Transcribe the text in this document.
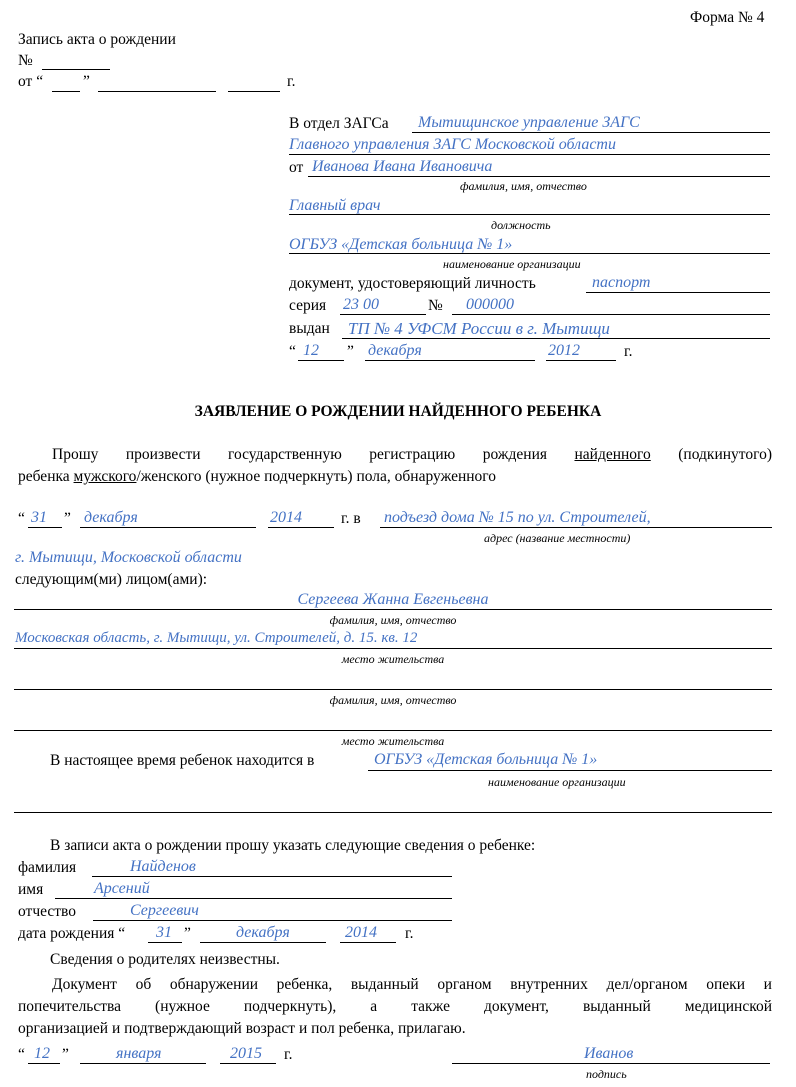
Форма № 4
Запись акта о рождении
№
от “	”	г.
В отдел ЗАГСа Мытищинское управление ЗАГС
Главного управления ЗАГС Московской области
от Иванова Ивана Ивановича
фамилия, имя, отчество
Главный врач
должность
ОГБУЗ «Детская больница № 1»
наименование организации
документ, удостоверяющий личность	паспорт
серия 23 00	№ 000000
выдан ТП № 4 УФСМ России в г. Мытищи
“ 12 ” декабря	2012	г.
ЗАЯВЛЕНИЕ О РОЖДЕНИИ НАЙДЕННОГО РЕБЕНКА
Прошу произвести государственную регистрацию рождения найденного (подкинутого)
ребенка мужского/женского (нужное подчеркнуть) пола, обнаруженного
“ 31 ” декабря	2014	г. в подъезд дома № 15 по ул. Строителей,
адрес (название местности)
г. Мытищи, Московской области
следующим(ми) лицом(ами):
Сергеева Жанна Евгеньевна
фамилия, имя, отчество
Московская область, г. Мытищи, ул. Строителей, д. 15. кв. 12
место жительства
фамилия, имя, отчество
место жительства
В настоящее время ребенок находится в	ОГБУЗ «Детская больница № 1»
наименование организации
В записи акта о рождении прошу указать следующие сведения о ребенке:
фамилия	Найденов
имя	Арсений
отчество	Сергеевич
дата рождения “ 31 ”	декабря	2014 г.
Сведения о родителях неизвестны.
Документ об обнаружении ребенка, выданный органом внутренних дел/органом опеки и
попечительства (нужное подчеркнуть), а также документ, выданный медицинской
организацией и подтверждающий возраст и пол ребенка, прилагаю.
“ 12 ”	января	2015 г.	Иванов
подпись
